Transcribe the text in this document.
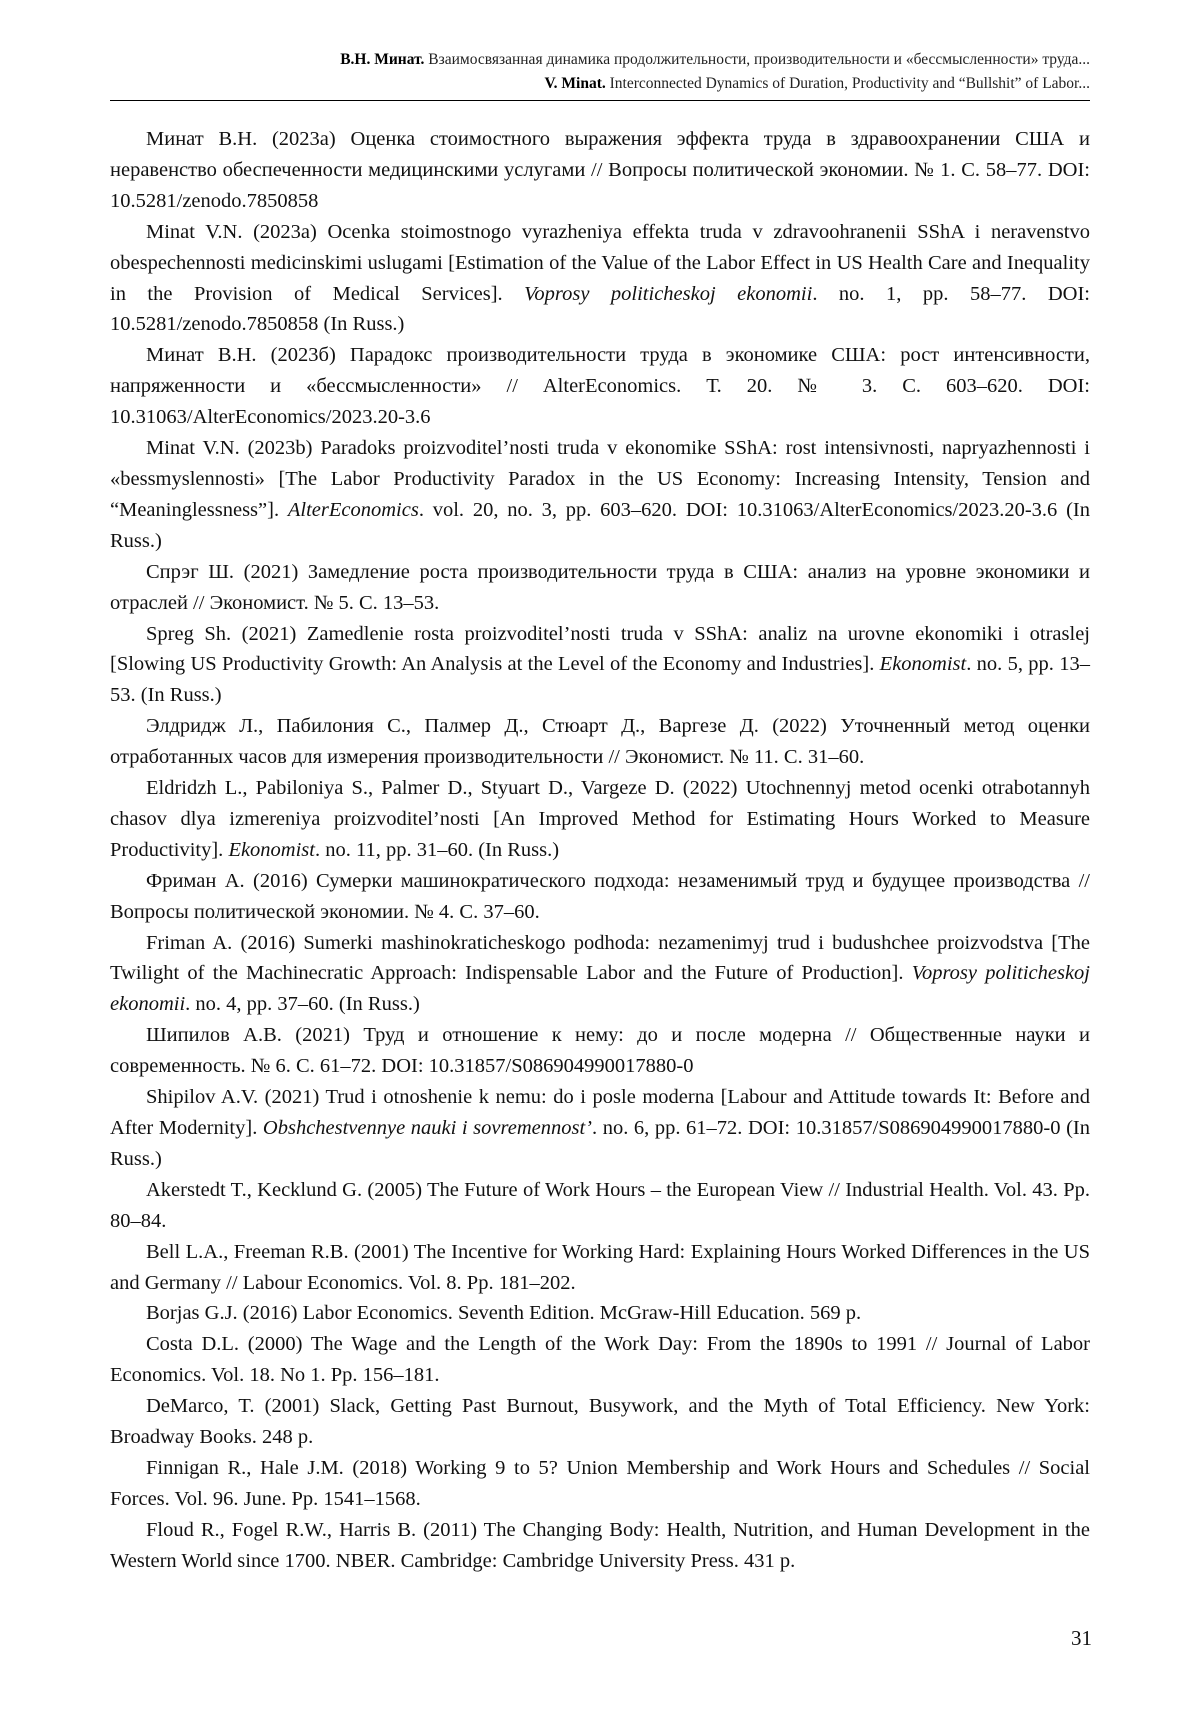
В.Н. Минат. Взаимосвязанная динамика продолжительности, производительности и «бессмысленности» труда...
V. Minat. Interconnected Dynamics of Duration, Productivity and “Bullshit” of Labor...

Минат В.Н. (2023а) Оценка стоимостного выражения эффекта труда в здравоохранении США и неравенство обеспеченности медицинскими услугами // Вопросы политической экономии. № 1. С. 58–77. DOI: 10.5281/zenodo.7850858

Minat V.N. (2023a) Ocenka stoimostnogo vyrazheniya effekta truda v zdravoohranenii SShA i neravenstvo obespechennosti medicinskimi uslugami [Estimation of the Value of the Labor Effect in US Health Care and Inequality in the Provision of Medical Services]. Voprosy politicheskoj ekonomii. no. 1, pp. 58–77. DOI: 10.5281/zenodo.7850858 (In Russ.)

Минат В.Н. (2023б) Парадокс производительности труда в экономике США: рост интенсивности, напряженности и «бессмысленности» // AlterEconomics. Т. 20. № 3. С. 603–620. DOI: 10.31063/AlterEconomics/2023.20-3.6

Minat V.N. (2023b) Paradoks proizvoditel’nosti truda v ekonomike SShA: rost intensivnosti, napryazhennosti i «bessmyslennosti» [The Labor Productivity Paradox in the US Economy: Increasing Intensity, Tension and “Meaninglessness”]. AlterEconomics. vol. 20, no. 3, pp. 603–620. DOI: 10.31063/AlterEconomics/2023.20-3.6 (In Russ.)

Спрэг Ш. (2021) Замедление роста производительности труда в США: анализ на уровне экономики и отраслей // Экономист. № 5. С. 13–53.

Spreg Sh. (2021) Zamedlenie rosta proizvoditel’nosti truda v SShA: analiz na urovne ekonomiki i otraslej [Slowing US Productivity Growth: An Analysis at the Level of the Economy and Industries]. Ekonomist. no. 5, pp. 13–53. (In Russ.)

Элдридж Л., Пабилония С., Палмер Д., Стюарт Д., Варгезе Д. (2022) Уточненный метод оценки отработанных часов для измерения производительности // Экономист. № 11. С. 31–60.

Eldridzh L., Pabiloniya S., Palmer D., Styuart D., Vargeze D. (2022) Utochnennyj metod ocenki otrabotannyh chasov dlya izmereniya proizvoditel’nosti [An Improved Method for Estimating Hours Worked to Measure Productivity]. Ekonomist. no. 11, pp. 31–60. (In Russ.)

Фриман А. (2016) Сумерки машинократического подхода: незаменимый труд и будущее производства // Вопросы политической экономии. № 4. С. 37–60.

Friman A. (2016) Sumerki mashinokraticheskogo podhoda: nezamenimyj trud i budushchee proizvodstva [The Twilight of the Machinecratic Approach: Indispensable Labor and the Future of Production]. Voprosy politicheskoj ekonomii. no. 4, pp. 37–60. (In Russ.)

Шипилов А.В. (2021) Труд и отношение к нему: до и после модерна // Общественные науки и современность. № 6. С. 61–72. DOI: 10.31857/S086904990017880-0

Shipilov A.V. (2021) Trud i otnoshenie k nemu: do i posle moderna [Labour and Attitude towards It: Before and After Modernity]. Obshchestvennye nauki i sovremennost’. no. 6, pp. 61–72. DOI: 10.31857/S086904990017880-0 (In Russ.)

Akerstedt T., Kecklund G. (2005) The Future of Work Hours – the European View // Industrial Health. Vol. 43. Pp. 80–84.

Bell L.A., Freeman R.B. (2001) The Incentive for Working Hard: Explaining Hours Worked Differences in the US and Germany // Labour Economics. Vol. 8. Pp. 181–202.

Borjas G.J. (2016) Labor Economics. Seventh Edition. McGraw-Hill Education. 569 p.

Costa D.L. (2000) The Wage and the Length of the Work Day: From the 1890s to 1991 // Journal of Labor Economics. Vol. 18. No 1. Pp. 156–181.

DeMarco, T. (2001) Slack, Getting Past Burnout, Busywork, and the Myth of Total Efficiency. New York: Broadway Books. 248 p.

Finnigan R., Hale J.M. (2018) Working 9 to 5? Union Membership and Work Hours and Schedules // Social Forces. Vol. 96. June. Pp. 1541–1568.

Floud R., Fogel R.W., Harris B. (2011) The Changing Body: Health, Nutrition, and Human Development in the Western World since 1700. NBER. Cambridge: Cambridge University Press. 431 p.

31
